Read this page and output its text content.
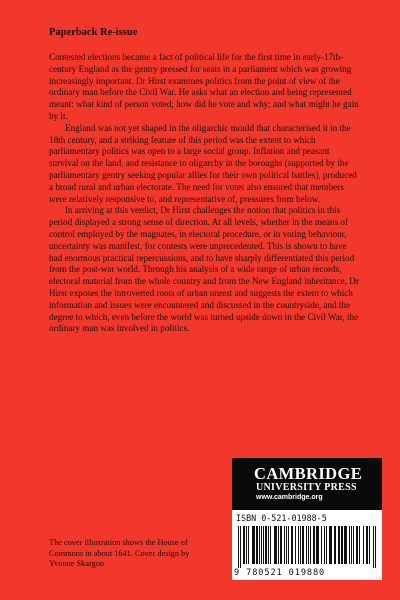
Paperback Re-issue

Contested elections became a fact of political life for the first time in early-17th-century England as the gentry pressed for seats in a parliament which was growing increasingly important. Dr Hirst examines politics from the point of view of the ordinary man before the Civil War. He asks what an election and being represented meant: what kind of person voted; how did he vote and why; and what might he gain by it.

England was not yet shaped in the oligarchic mould that characterised it in the 18th century, and a striking feature of this period was the extent to which parliamentary politics was open to a large social group. Inflation and peasant survival on the land, and resistance to oligarchy in the boroughs (supported by the parliamentary gentry seeking popular allies for their own political battles), produced a broad rural and urban electorate. The need for votes also ensured that members were relatively responsive to, and representative of, pressures from below.

In arriving at this verdict, Dr Hirst challenges the notion that politics in this period displayed a strong sense of direction. At all levels, whether in the means of control employed by the magnates, in electoral procedure, or in voting behaviour, uncertainty was manifest, for contests were unprecedented. This is shown to have had enormous practical repercussions, and to have sharply differentiated this period from the post-war world. Through his analysis of a wide range of urban records, electoral material from the whole country and from the New England inheritance, Dr Hirst exposes the introverted roots of urban unrest and suggests the extent to which information and issues were encountered and discussed in the countryside, and the degree to which, even before the world was turned upside down in the Civil War, the ordinary man was involved in politics.

CAMBRIDGE
UNIVERSITY PRESS
www.cambridge.org
ISBN 0-521-01988-5
9 780521 019880
The cover illustration shows the House of Commons in about 1641. Cover design by Yvonne Skargon
